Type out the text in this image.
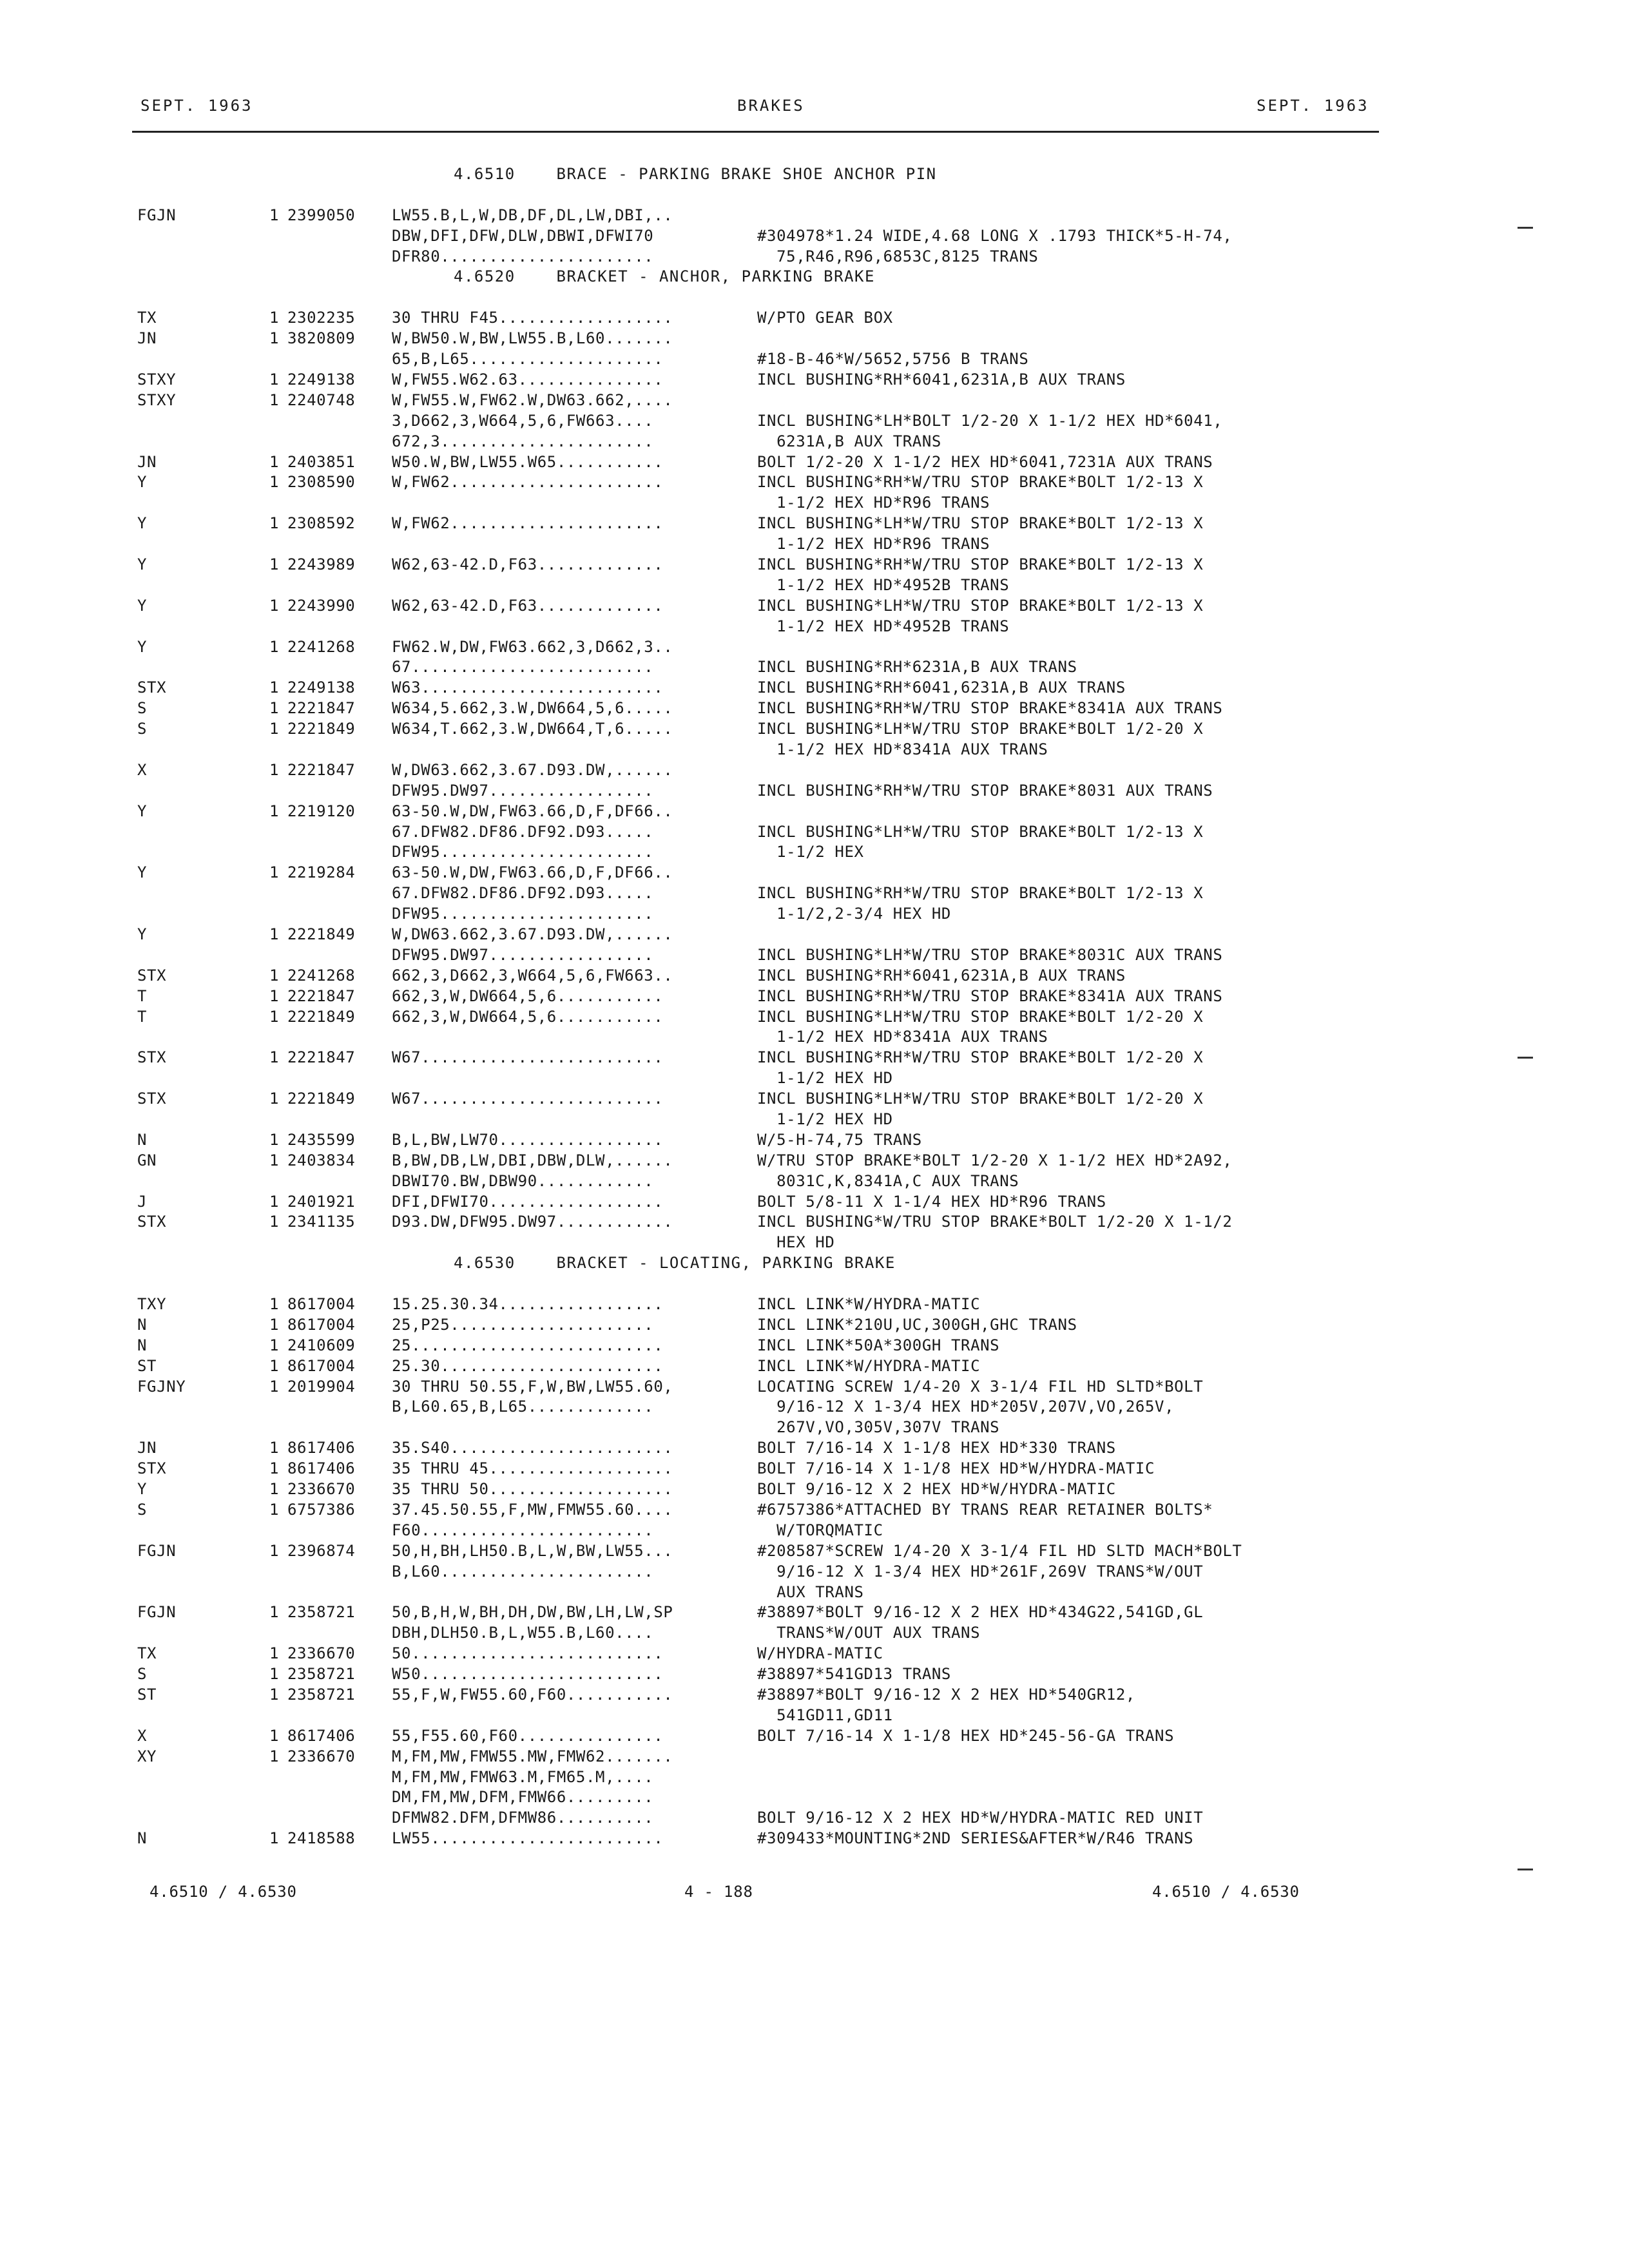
SEPT. 1963	BRAKES	SEPT. 1963
4.6510    BRACE - PARKING BRAKE SHOE ANCHOR PIN
FGJN	1 2399050 LW55.B,L,W,DB,DF,DL,LW,DBI,..
DBW,DFI,DFW,DLW,DBWI,DFWI70	#304978*1.24 WIDE,4.68 LONG X .1793 THICK*5-H-74,
DFR80......................	75,R46,R96,6853C,8125 TRANS
4.6520    BRACKET - ANCHOR, PARKING BRAKE
TX	1 2302235 30 THRU F45..................	W/PTO GEAR BOX
JN	1 3820809 W,BW50.W,BW,LW55.B,L60.......
65,B,L65....................	#18-B-46*W/5652,5756 B TRANS
STXY	1 2249138 W,FW55.W62.63...............	INCL BUSHING*RH*6041,6231A,B AUX TRANS
STXY	1 2240748 W,FW55.W,FW62.W,DW63.662,....
3,D662,3,W664,5,6,FW663....	INCL BUSHING*LH*BOLT 1/2-20 X 1-1/2 HEX HD*6041,
672,3......................	6231A,B AUX TRANS
JN	1 2403851 W50.W,BW,LW55.W65...........	BOLT 1/2-20 X 1-1/2 HEX HD*6041,7231A AUX TRANS
Y	1 2308590 W,FW62......................	INCL BUSHING*RH*W/TRU STOP BRAKE*BOLT 1/2-13 X
1-1/2 HEX HD*R96 TRANS
Y	1 2308592 W,FW62......................	INCL BUSHING*LH*W/TRU STOP BRAKE*BOLT 1/2-13 X
1-1/2 HEX HD*R96 TRANS
Y	1 2243989 W62,63-42.D,F63.............	INCL BUSHING*RH*W/TRU STOP BRAKE*BOLT 1/2-13 X
1-1/2 HEX HD*4952B TRANS
Y	1 2243990 W62,63-42.D,F63.............	INCL BUSHING*LH*W/TRU STOP BRAKE*BOLT 1/2-13 X
1-1/2 HEX HD*4952B TRANS
Y	1 2241268 FW62.W,DW,FW63.662,3,D662,3..
67.........................	INCL BUSHING*RH*6231A,B AUX TRANS
STX	1 2249138 W63.........................	INCL BUSHING*RH*6041,6231A,B AUX TRANS
S	1 2221847 W634,5.662,3.W,DW664,5,6.....	INCL BUSHING*RH*W/TRU STOP BRAKE*8341A AUX TRANS
S	1 2221849 W634,T.662,3.W,DW664,T,6.....	INCL BUSHING*LH*W/TRU STOP BRAKE*BOLT 1/2-20 X
1-1/2 HEX HD*8341A AUX TRANS
X	1 2221847 W,DW63.662,3.67.D93.DW,......
DFW95.DW97.................	INCL BUSHING*RH*W/TRU STOP BRAKE*8031 AUX TRANS
Y	1 2219120 63-50.W,DW,FW63.66,D,F,DF66..
67.DFW82.DF86.DF92.D93.....	INCL BUSHING*LH*W/TRU STOP BRAKE*BOLT 1/2-13 X
DFW95......................	1-1/2 HEX
Y	1 2219284 63-50.W,DW,FW63.66,D,F,DF66..
67.DFW82.DF86.DF92.D93.....	INCL BUSHING*RH*W/TRU STOP BRAKE*BOLT 1/2-13 X
DFW95......................	1-1/2,2-3/4 HEX HD
Y	1 2221849 W,DW63.662,3.67.D93.DW,......
DFW95.DW97.................	INCL BUSHING*LH*W/TRU STOP BRAKE*8031C AUX TRANS
STX	1 2241268 662,3,D662,3,W664,5,6,FW663..	INCL BUSHING*RH*6041,6231A,B AUX TRANS
T	1 2221847 662,3,W,DW664,5,6...........	INCL BUSHING*RH*W/TRU STOP BRAKE*8341A AUX TRANS
T	1 2221849 662,3,W,DW664,5,6...........	INCL BUSHING*LH*W/TRU STOP BRAKE*BOLT 1/2-20 X
1-1/2 HEX HD*8341A AUX TRANS
STX	1 2221847 W67.........................	INCL BUSHING*RH*W/TRU STOP BRAKE*BOLT 1/2-20 X
1-1/2 HEX HD
STX	1 2221849 W67.........................	INCL BUSHING*LH*W/TRU STOP BRAKE*BOLT 1/2-20 X
1-1/2 HEX HD
N	1 2435599 B,L,BW,LW70.................	W/5-H-74,75 TRANS
GN	1 2403834 B,BW,DB,LW,DBI,DBW,DLW,......	W/TRU STOP BRAKE*BOLT 1/2-20 X 1-1/2 HEX HD*2A92,
DBWI70.BW,DBW90............	8031C,K,8341A,C AUX TRANS
J	1 2401921 DFI,DFWI70..................	BOLT 5/8-11 X 1-1/4 HEX HD*R96 TRANS
STX	1 2341135 D93.DW,DFW95.DW97............	INCL BUSHING*W/TRU STOP BRAKE*BOLT 1/2-20 X 1-1/2
HEX HD
4.6530    BRACKET - LOCATING, PARKING BRAKE
TXY	1 8617004 15.25.30.34.................	INCL LINK*W/HYDRA-MATIC
N	1 8617004 25,P25.....................	INCL LINK*210U,UC,300GH,GHC TRANS
N	1 2410609 25..........................	INCL LINK*50A*300GH TRANS
ST	1 8617004 25.30.......................	INCL LINK*W/HYDRA-MATIC
FGJNY	1 2019904 30 THRU 50.55,F,W,BW,LW55.60,	LOCATING SCREW 1/4-20 X 3-1/4 FIL HD SLTD*BOLT
B,L60.65,B,L65.............	9/16-12 X 1-3/4 HEX HD*205V,207V,VO,265V,
267V,VO,305V,307V TRANS
JN	1 8617406 35.S40.......................	BOLT 7/16-14 X 1-1/8 HEX HD*330 TRANS
STX	1 8617406 35 THRU 45...................	BOLT 7/16-14 X 1-1/8 HEX HD*W/HYDRA-MATIC
Y	1 2336670 35 THRU 50...................	BOLT 9/16-12 X 2 HEX HD*W/HYDRA-MATIC
S	1 6757386 37.45.50.55,F,MW,FMW55.60....	#6757386*ATTACHED BY TRANS REAR RETAINER BOLTS*
F60........................	W/TORQMATIC
FGJN	1 2396874 50,H,BH,LH50.B,L,W,BW,LW55...	#208587*SCREW 1/4-20 X 3-1/4 FIL HD SLTD MACH*BOLT
B,L60......................	9/16-12 X 1-3/4 HEX HD*261F,269V TRANS*W/OUT
AUX TRANS
FGJN	1 2358721 50,B,H,W,BH,DH,DW,BW,LH,LW,SP	#38897*BOLT 9/16-12 X 2 HEX HD*434G22,541GD,GL
DBH,DLH50.B,L,W55.B,L60....	TRANS*W/OUT AUX TRANS
TX	1 2336670 50..........................	W/HYDRA-MATIC
S	1 2358721 W50.........................	#38897*541GD13 TRANS
ST	1 2358721 55,F,W,FW55.60,F60...........	#38897*BOLT 9/16-12 X 2 HEX HD*540GR12,
541GD11,GD11
X	1 8617406 55,F55.60,F60...............	BOLT 7/16-14 X 1-1/8 HEX HD*245-56-GA TRANS
XY	1 2336670 M,FM,MW,FMW55.MW,FMW62.......
M,FM,MW,FMW63.M,FM65.M,....
DM,FM,MW,DFM,FMW66.........
DFMW82.DFM,DFMW86..........	BOLT 9/16-12 X 2 HEX HD*W/HYDRA-MATIC RED UNIT
N	1 2418588 LW55........................	#309433*MOUNTING*2ND SERIES&AFTER*W/R46 TRANS
4.6510 / 4.6530	4 - 188	4.6510 / 4.6530
